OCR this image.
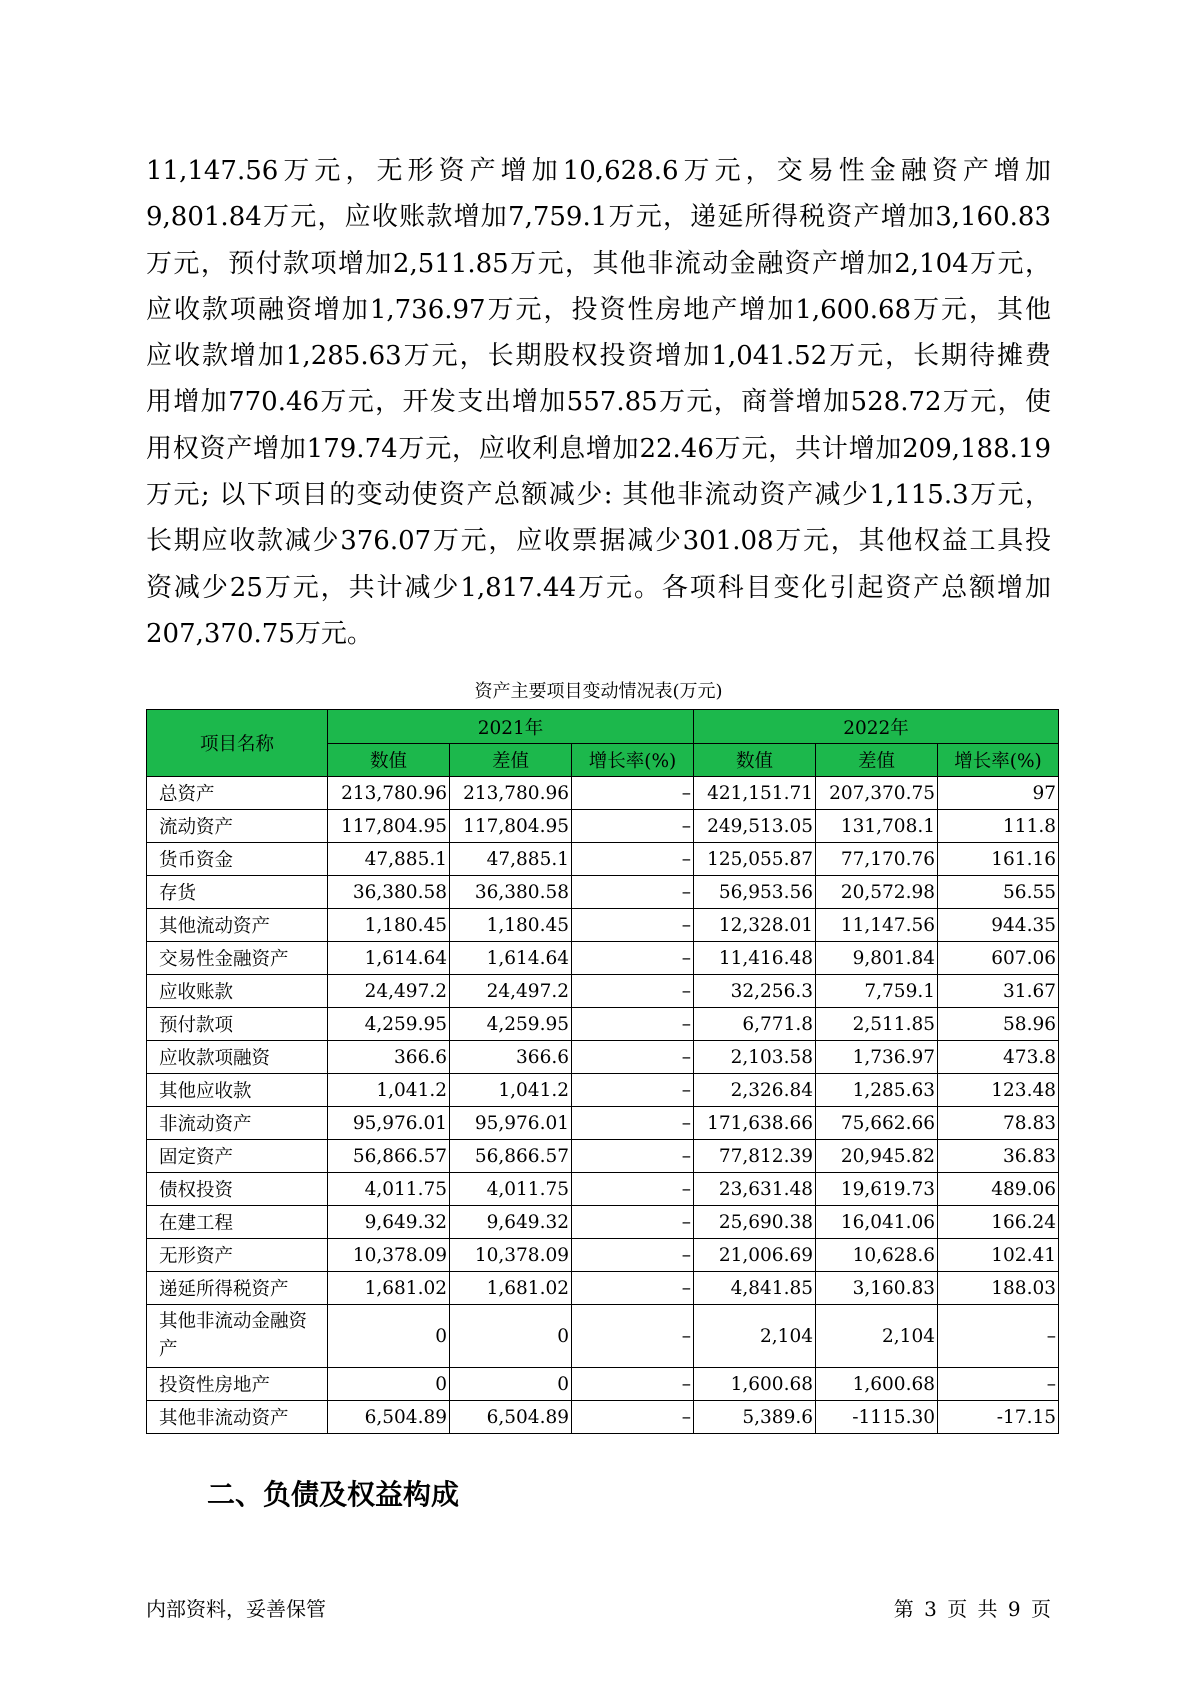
11,147.56万元，无形资产增加10,628.6万元，交易性金融资产增加
9,801.84万元，应收账款增加7,759.1万元，递延所得税资产增加3,160.83
万元，预付款项增加2,511.85万元，其他非流动金融资产增加2,104万元，
应收款项融资增加1,736.97万元，投资性房地产增加1,600.68万元，其他
应收款增加1,285.63万元，长期股权投资增加1,041.52万元，长期待摊费
用增加770.46万元，开发支出增加557.85万元，商誉增加528.72万元，使
用权资产增加179.74万元，应收利息增加22.46万元，共计增加209,188.19
万元; 以下项目的变动使资产总额减少: 其他非流动资产减少1,115.3万元，
长期应收款减少376.07万元，应收票据减少301.08万元，其他权益工具投
资减少25万元，共计减少1,817.44万元。各项科目变化引起资产总额增加
207,370.75万元。
资产主要项目变动情况表(万元)
项目名称	2021年			2022年		
	数值	差值	增长率(%)	数值	差值	增长率(%)
总资产	213,780.96	213,780.96	–	421,151.71	207,370.75	97
流动资产	117,804.95	117,804.95	–	249,513.05	131,708.1	111.8
货币资金	47,885.1	47,885.1	–	125,055.87	77,170.76	161.16
存货	36,380.58	36,380.58	–	56,953.56	20,572.98	56.55
其他流动资产	1,180.45	1,180.45	–	12,328.01	11,147.56	944.35
交易性金融资产	1,614.64	1,614.64	–	11,416.48	9,801.84	607.06
应收账款	24,497.2	24,497.2	–	32,256.3	7,759.1	31.67
预付款项	4,259.95	4,259.95	–	6,771.8	2,511.85	58.96
应收款项融资	366.6	366.6	–	2,103.58	1,736.97	473.8
其他应收款	1,041.2	1,041.2	–	2,326.84	1,285.63	123.48
非流动资产	95,976.01	95,976.01	–	171,638.66	75,662.66	78.83
固定资产	56,866.57	56,866.57	–	77,812.39	20,945.82	36.83
债权投资	4,011.75	4,011.75	–	23,631.48	19,619.73	489.06
在建工程	9,649.32	9,649.32	–	25,690.38	16,041.06	166.24
无形资产	10,378.09	10,378.09	–	21,006.69	10,628.6	102.41
递延所得税资产	1,681.02	1,681.02	–	4,841.85	3,160.83	188.03
其他非流动金融资产	0	0	–	2,104	2,104	–
投资性房地产	0	0	–	1,600.68	1,600.68	–
其他非流动资产	6,504.89	6,504.89	–	5,389.6	-1115.30	-17.15
二、负债及权益构成
内部资料，妥善保管	第 3 页 共 9 页
